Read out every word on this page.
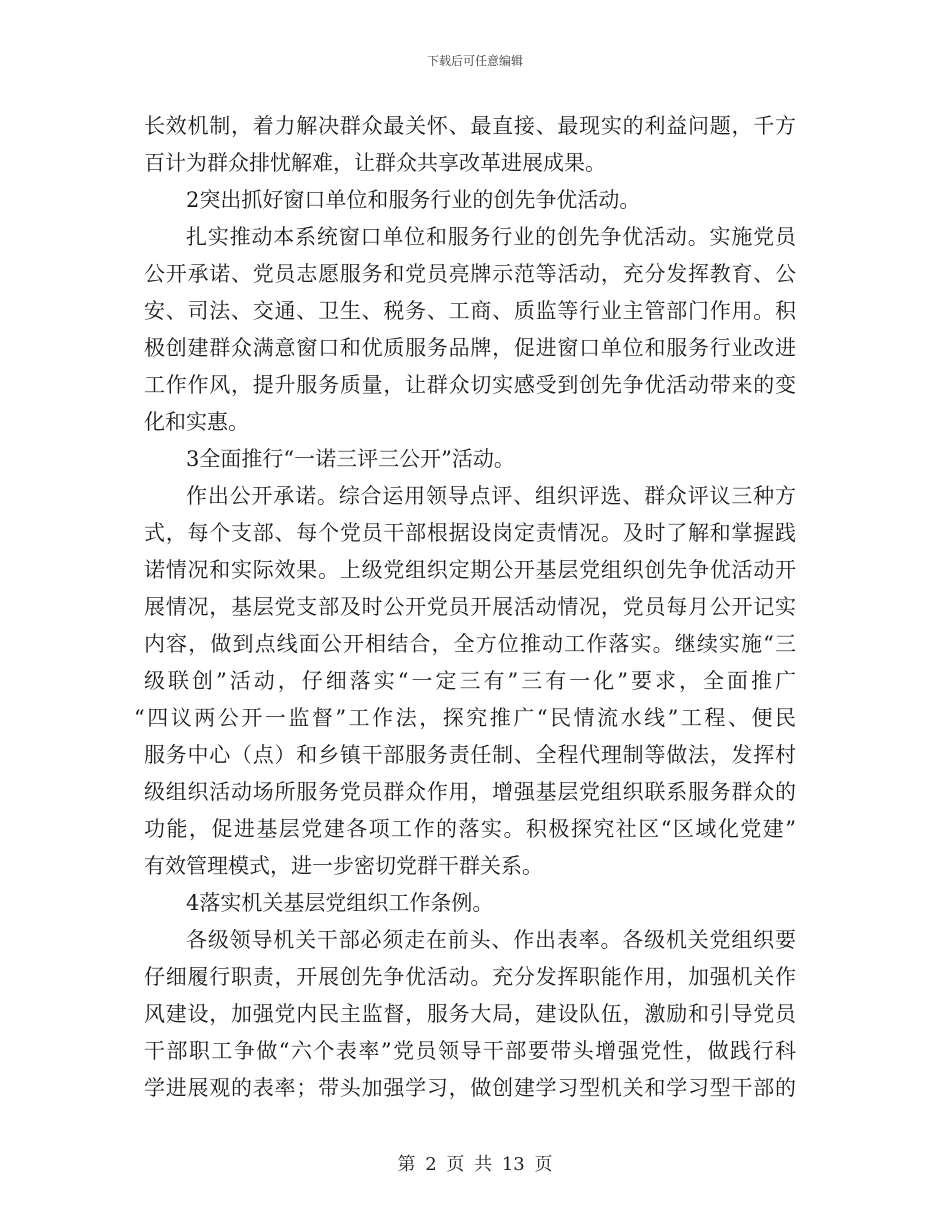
下载后可任意编辑
长效机制，着力解决群众最关怀、最直接、最现实的利益问题，千方
百计为群众排忧解难，让群众共享改革进展成果。
2突出抓好窗口单位和服务行业的创先争优活动。
扎实推动本系统窗口单位和服务行业的创先争优活动。实施党员
公开承诺、党员志愿服务和党员亮牌示范等活动，充分发挥教育、公
安、司法、交通、卫生、税务、工商、质监等行业主管部门作用。积
极创建群众满意窗口和优质服务品牌，促进窗口单位和服务行业改进
工作作风，提升服务质量，让群众切实感受到创先争优活动带来的变
化和实惠。
3全面推行“一诺三评三公开”活动。
作出公开承诺。综合运用领导点评、组织评选、群众评议三种方
式，每个支部、每个党员干部根据设岗定责情况。及时了解和掌握践
诺情况和实际效果。上级党组织定期公开基层党组织创先争优活动开
展情况，基层党支部及时公开党员开展活动情况，党员每月公开记实
内容，做到点线面公开相结合，全方位推动工作落实。继续实施“三
级联创”活动，仔细落实“一定三有”三有一化”要求，全面推广
“四议两公开一监督”工作法，探究推广“民情流水线”工程、便民
服务中心（点）和乡镇干部服务责任制、全程代理制等做法，发挥村
级组织活动场所服务党员群众作用，增强基层党组织联系服务群众的
功能，促进基层党建各项工作的落实。积极探究社区“区域化党建”
有效管理模式，进一步密切党群干群关系。
4落实机关基层党组织工作条例。
各级领导机关干部必须走在前头、作出表率。各级机关党组织要
仔细履行职责，开展创先争优活动。充分发挥职能作用，加强机关作
风建设，加强党内民主监督，服务大局，建设队伍，激励和引导党员
干部职工争做“六个表率”党员领导干部要带头增强党性，做践行科
学进展观的表率；带头加强学习，做创建学习型机关和学习型干部的
第 2 页 共 13 页
